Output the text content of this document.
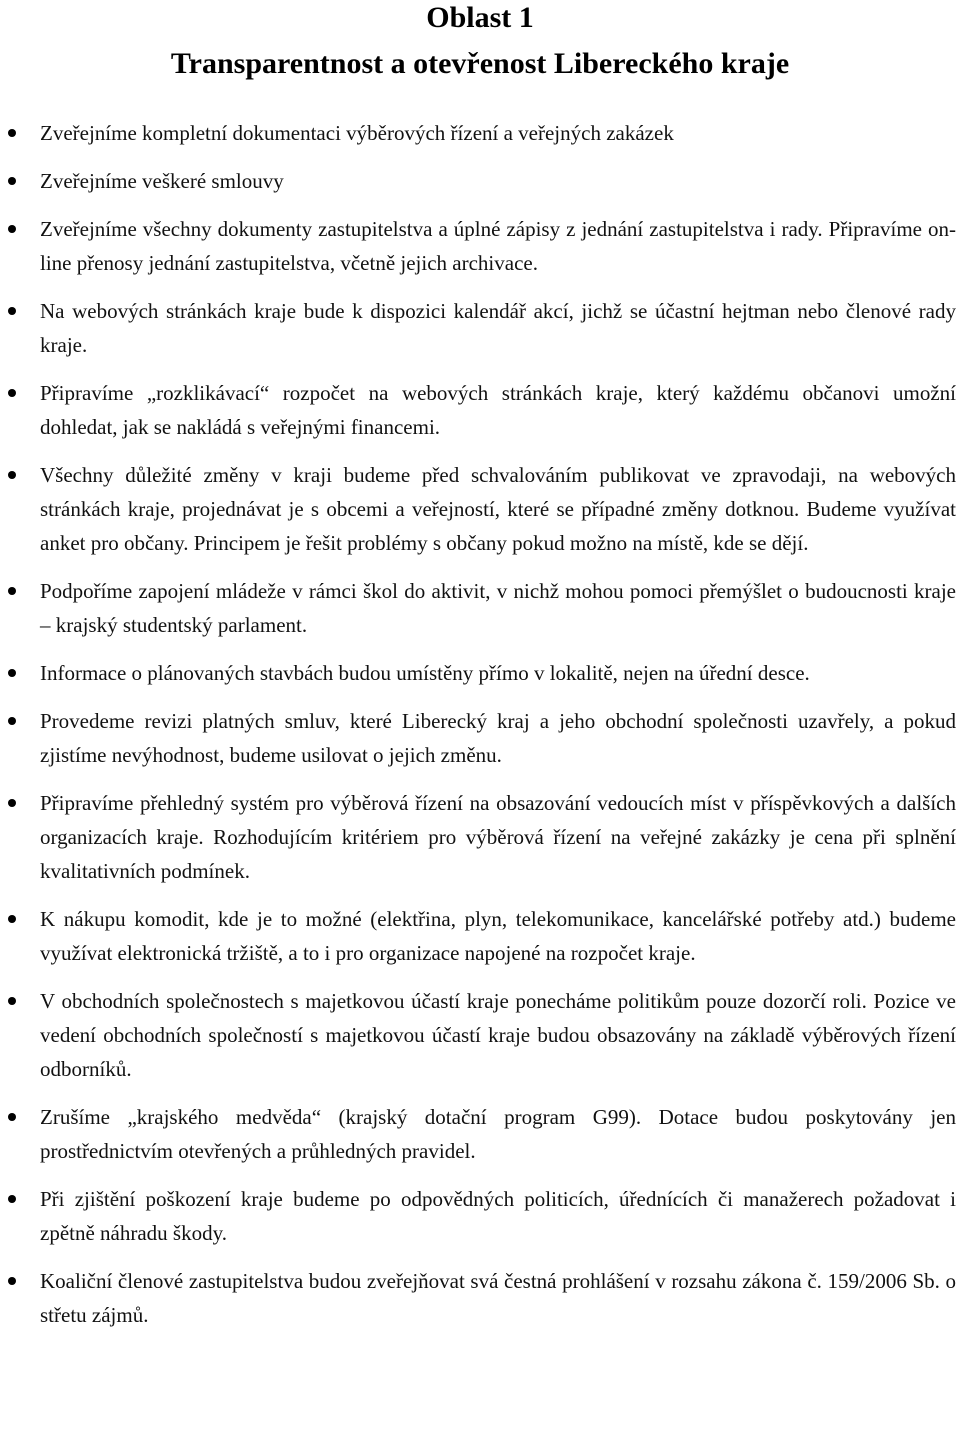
Oblast 1
Transparentnost a otevřenost Libereckého kraje
Zveřejníme kompletní dokumentaci výběrových řízení a veřejných zakázek
Zveřejníme veškeré smlouvy
Zveřejníme všechny dokumenty zastupitelstva a úplné zápisy z jednání zastupitelstva i rady. Připravíme on-line přenosy jednání zastupitelstva, včetně jejich archivace.
Na webových stránkách kraje bude k dispozici kalendář akcí, jichž se účastní hejtman nebo členové rady kraje.
Připravíme „rozklikávací“ rozpočet na webových stránkách kraje, který každému občanovi umožní dohledat, jak se nakládá s veřejnými financemi.
Všechny důležité změny v kraji budeme před schvalováním publikovat ve zpravodaji, na webových stránkách kraje, projednávat je s obcemi a veřejností, které se případné změny dotknou. Budeme využívat anket pro občany. Principem je řešit problémy s občany pokud možno na místě, kde se dějí.
Podpoříme zapojení mládeže v rámci škol do aktivit, v nichž mohou pomoci přemýšlet o budoucnosti kraje – krajský studentský parlament.
Informace o plánovaných stavbách budou umístěny přímo v lokalitě, nejen na úřední desce.
Provedeme revizi platných smluv, které Liberecký kraj a jeho obchodní společnosti uzavřely, a pokud zjistíme nevýhodnost, budeme usilovat o jejich změnu.
Připravíme přehledný systém pro výběrová řízení na obsazování vedoucích míst v příspěvkových a dalších organizacích kraje. Rozhodujícím kritériem pro výběrová řízení na veřejné zakázky je cena při splnění kvalitativních podmínek.
K nákupu komodit, kde je to možné (elektřina, plyn, telekomunikace, kancelářské potřeby atd.) budeme využívat elektronická tržiště, a to i pro organizace napojené na rozpočet kraje.
V obchodních společnostech s majetkovou účastí kraje ponecháme politikům pouze dozorčí roli. Pozice ve vedení obchodních společností s majetkovou účastí kraje budou obsazovány na základě výběrových řízení odborníků.
Zrušíme „krajského medvěda“ (krajský dotační program G99). Dotace budou poskytovány jen prostřednictvím otevřených a průhledných pravidel.
Při zjištění poškození kraje budeme po odpovědných politicích, úřednících či manažerech požadovat i zpětně náhradu škody.
Koaliční členové zastupitelstva budou zveřejňovat svá čestná prohlášení v rozsahu zákona č. 159/2006 Sb. o střetu zájmů.
